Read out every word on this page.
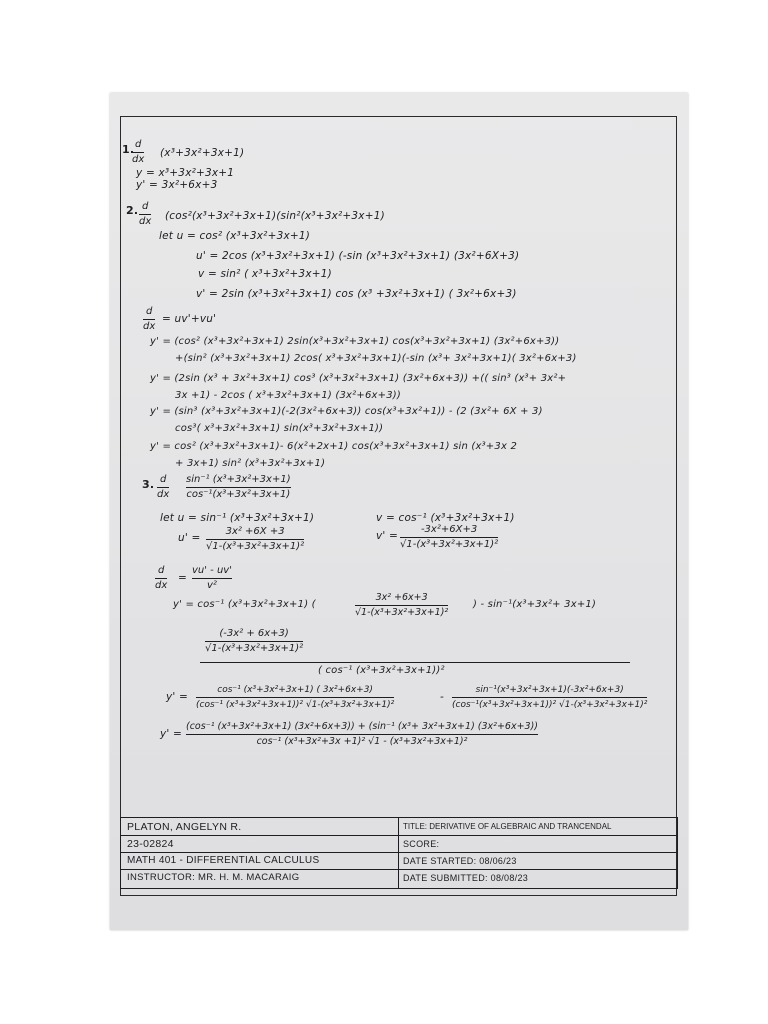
1. d
dx
(x³+3x²+3x+1)
y = x³+3x²+3x+1
y' = 3x²+6x+3
2. d
dx (cos²(x³+3x²+3x+1)(sin²(x³+3x²+3x+1)
let u = cos² (x³+3x²+3x+1)
u' = 2cos (x³+3x²+3x+1) (-sin (x³+3x²+3x+1) (3x²+6X+3)
v = sin² ( x³+3x²+3x+1)
v' = 2sin (x³+3x²+3x+1) cos (x³ +3x²+3x+1) ( 3x²+6x+3)
d
dx
= uv'+vu'
y' = (cos² (x³+3x²+3x+1) 2sin(x³+3x²+3x+1) cos(x³+3x²+3x+1) (3x²+6x+3))
+(sin² (x³+3x²+3x+1) 2cos( x³+3x²+3x+1)(-sin (x³+ 3x²+3x+1)( 3x²+6x+3)
y' = (2sin (x³ + 3x²+3x+1) cos³ (x³+3x²+3x+1) (3x²+6x+3)) +(( sin³ (x³+ 3x²+
3x +1) - 2cos ( x³+3x²+3x+1) (3x²+6x+3))
y' = (sin³ (x³+3x²+3x+1)(-2(3x²+6x+3)) cos(x³+3x²+1)) - (2 (3x²+ 6X + 3)
cos³( x³+3x²+3x+1) sin(x³+3x²+3x+1))
y' = cos² (x³+3x²+3x+1)- 6(x²+2x+1) cos(x³+3x²+3x+1) sin (x³+3x 2
+ 3x+1) sin² (x³+3x²+3x+1)
3. d
dx
sin⁻¹ (x³+3x²+3x+1)
cos⁻¹(x³+3x²+3x+1)
let u = sin⁻¹ (x³+3x²+3x+1)
u' =
3x² +6X +3
√1-(x³+3x²+3x+1)²
v = cos⁻¹ (x³+3x²+3x+1)
v' =
-3x²+6X+3
√1-(x³+3x²+3x+1)²
d
dx
=
vu' - uv'
v²
y' = cos⁻¹ (x³+3x²+3x+1) (
3x² +6x+3
√1-(x³+3x²+3x+1)²
) - sin⁻¹(x³+3x²+ 3x+1)
(-3x² + 6x+3)
√1-(x³+3x²+3x+1)²
( cos⁻¹ (x³+3x²+3x+1))²
y' =
cos⁻¹ (x³+3x²+3x+1) ( 3x²+6x+3)
(cos⁻¹ (x³+3x²+3x+1))² √1-(x³+3x²+3x+1)²
-
sin⁻¹(x³+3x²+3x+1)(-3x²+6x+3)
(cos⁻¹(x³+3x²+3x+1))² √1-(x³+3x²+3x+1)²
y' =
(cos⁻¹ (x³+3x²+3x+1) (3x²+6x+3)) + (sin⁻¹ (x³+ 3x²+3x+1) (3x²+6x+3))
cos⁻¹ (x³+3x²+3x +1)² √1 - (x³+3x²+3x+1)²
PLATON, ANGELYN R.
23-02824
MATH 401 - DIFFERENTIAL CALCULUS
INSTRUCTOR: MR. H. M. MACARAIG
TITLE: DERIVATIVE OF ALGEBRAIC AND TRANCENDAL
SCORE:
DATE STARTED: 08/06/23
DATE SUBMITTED: 08/08/23
